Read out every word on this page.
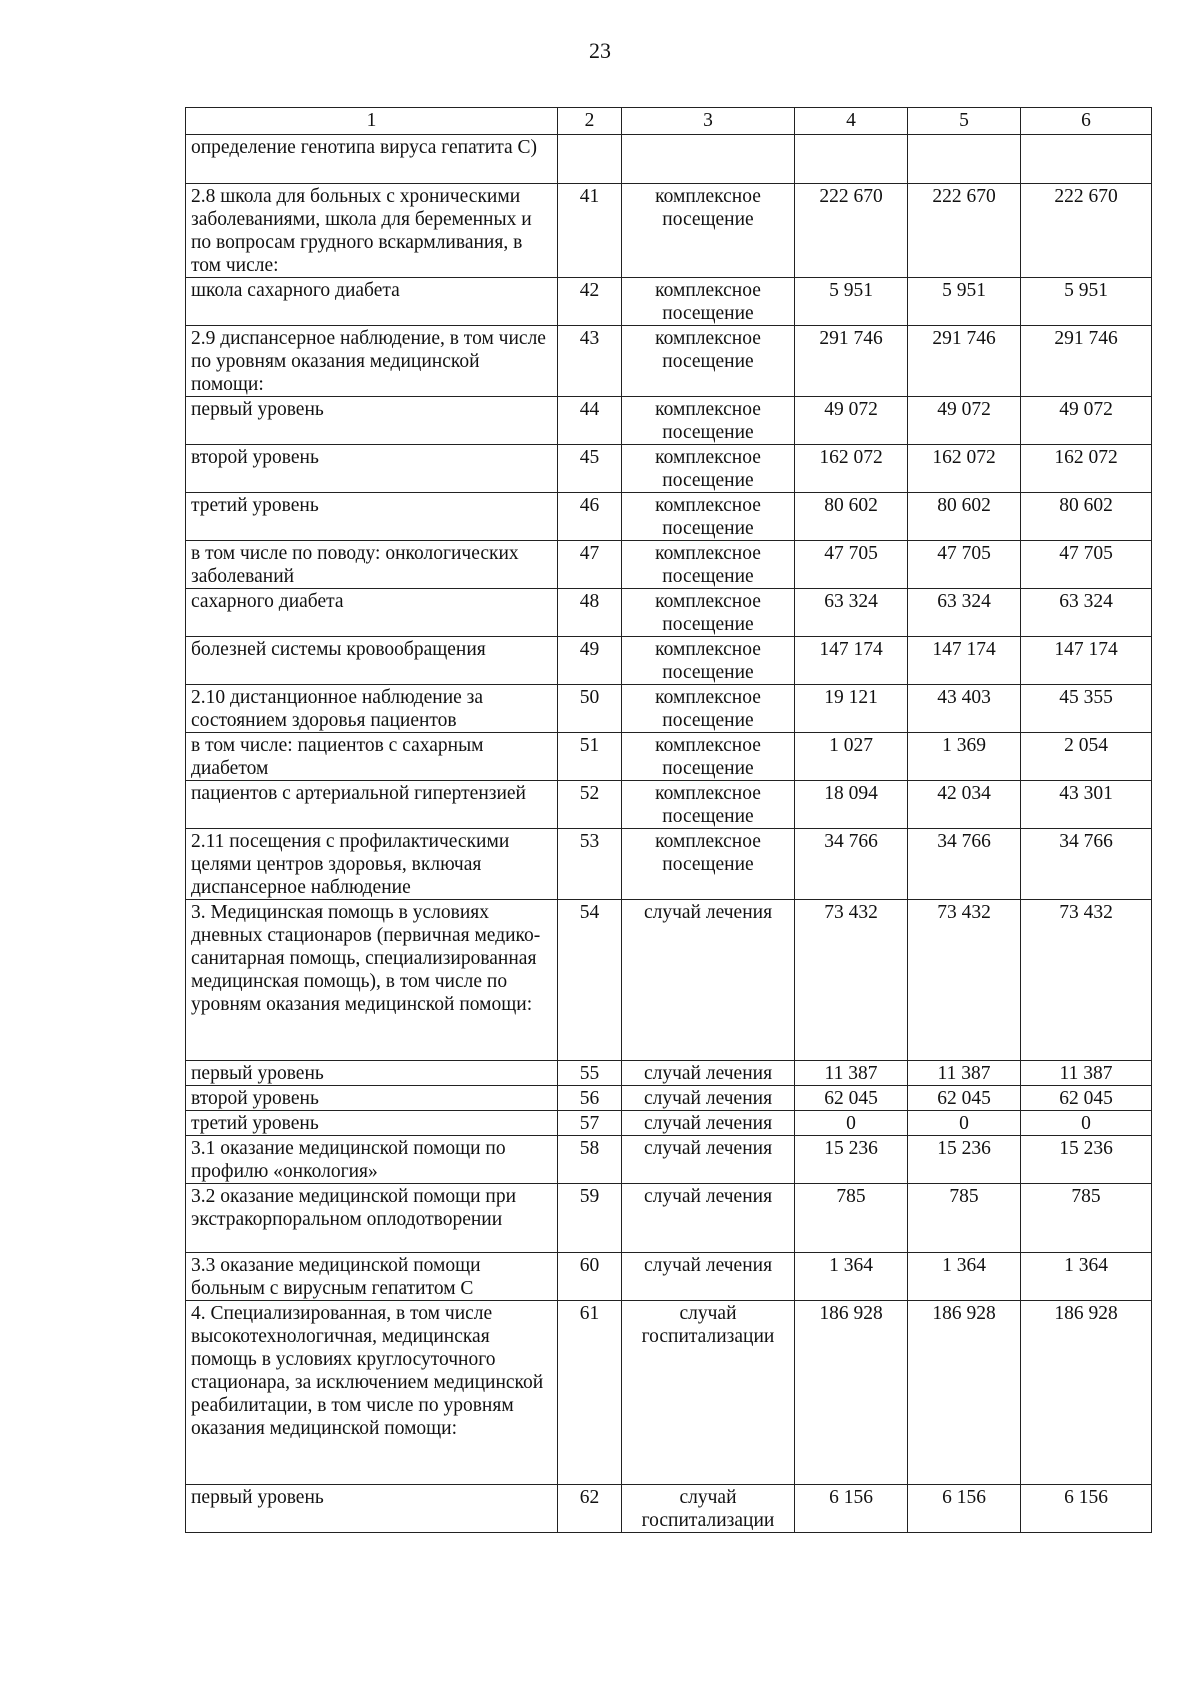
23
1	2	3	4	5	6
определение генотипа вируса гепатита С)					
2.8 школа для больных с хроническими заболеваниями, школа для беременных и по вопросам грудного вскармливания, в том числе:	41	комплексное посещение	222 670	222 670	222 670
школа сахарного диабета	42	комплексное посещение	5 951	5 951	5 951
2.9 диспансерное наблюдение, в том числе по уровням оказания медицинской помощи:	43	комплексное посещение	291 746	291 746	291 746
первый уровень	44	комплексное посещение	49 072	49 072	49 072
второй уровень	45	комплексное посещение	162 072	162 072	162 072
третий уровень	46	комплексное посещение	80 602	80 602	80 602
в том числе по поводу: онкологических заболеваний	47	комплексное посещение	47 705	47 705	47 705
сахарного диабета	48	комплексное посещение	63 324	63 324	63 324
болезней системы кровообращения	49	комплексное посещение	147 174	147 174	147 174
2.10 дистанционное наблюдение за состоянием здоровья пациентов	50	комплексное посещение	19 121	43 403	45 355
в том числе: пациентов с сахарным диабетом	51	комплексное посещение	1 027	1 369	2 054
пациентов с артериальной гипертензией	52	комплексное посещение	18 094	42 034	43 301
2.11 посещения с профилактическими целями центров здоровья, включая диспансерное наблюдение	53	комплексное посещение	34 766	34 766	34 766
3. Медицинская помощь в условиях дневных стационаров (первичная медико-санитарная помощь, специализированная медицинская помощь), в том числе по уровням оказания медицинской помощи:	54	случай лечения	73 432	73 432	73 432
первый уровень	55	случай лечения	11 387	11 387	11 387
второй уровень	56	случай лечения	62 045	62 045	62 045
третий уровень	57	случай лечения	0	0	0
3.1 оказание медицинской помощи по профилю «онкология»	58	случай лечения	15 236	15 236	15 236
3.2 оказание медицинской помощи при экстракорпоральном оплодотворении	59	случай лечения	785	785	785
3.3 оказание медицинской помощи больным с вирусным гепатитом С	60	случай лечения	1 364	1 364	1 364
4. Специализированная, в том числе высокотехнологичная, медицинская помощь в условиях круглосуточного стационара, за исключением медицинской реабилитации, в том числе по уровням оказания медицинской помощи:	61	случай госпитализации	186 928	186 928	186 928
первый уровень	62	случай госпитализации	6 156	6 156	6 156
